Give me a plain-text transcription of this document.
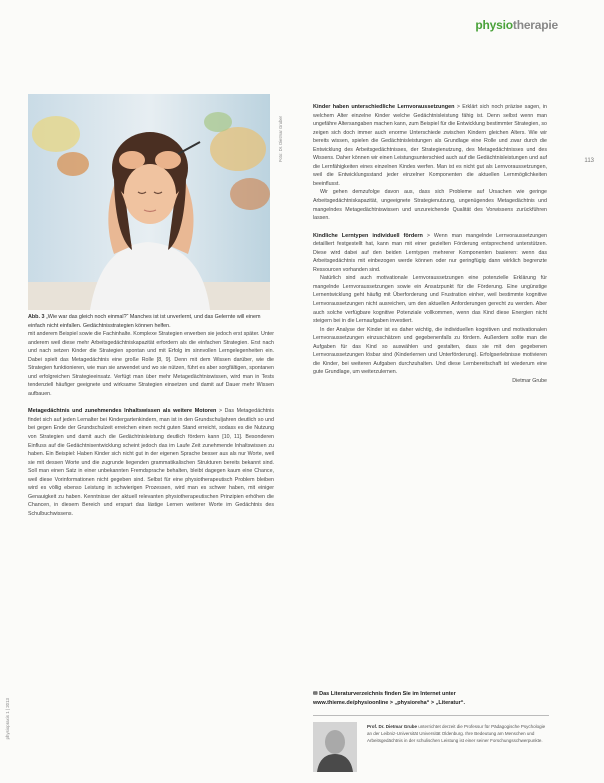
physiotherapie
113
Foto: Dr. Dietmar Gruber
Abb. 3 „Wie war das gleich noch einmal?“ Manches ist ist unverlernt, und das Gelernte will einem einfach nicht einfallen. Gedächtnisstrategien können helfen.

mit anderem Beispiel sowie die Fachinhalte. Komplexe Strategien erwerben sie jedoch erst später. Unter anderem weil diese mehr Arbeitsgedächtniskapazität erfordern als die einfachen Strategien. Erst nach und nach setzen Kinder die Strategien spontan und mit Erfolg im sinnvollen Lerngelegenheiten ein. Dabei spielt das Metagedächtnis eine große Rolle [8, 9]. Denn mit dem Wissen darüber, wie die Strategien funktionieren, wie man sie anwendet und wo sie nützen, führt es aber sorgfältigen, spontanen und erfolgreichen Strategieeinsatz. Verfügt man über mehr Metagedächtniswissen, wird man in Tests tendenziell häufiger geeignete und wirksame Strategien einsetzen und damit auf Dauer mehr Wissen aufbauen.

Metagedächtnis und zunehmendes Inhaltswissen als weitere Motoren > Das Metagedächtnis findet sich auf jeden Lernalter bei Kindergartenkindern, man ist in den Grundschuljahren deutlich so und bei gegen Ende der Grundschulzeit erreichen einen recht guten Stand erreicht, sodass es die Nutzung von Strategien und damit auch die Gedächtnisleistung deutlich fördern kann [10, 11]. Besonderen Einfluss auf die Gedächtnisentwicklung scheint jedoch das im Laufe Zeit zunehmende Inhaltswissen zu haben. Ein Beispiel: Haben Kinder sich nicht gut in der eigenen Sprache besser aus als nur Worte, weil sie mit dessen Worte und die zugrunde liegenden grammatikalischen Strukturen bereits bekannt sind. Soll man einen Satz in einer unbekannten Fremdsprache behalten, bleibt dagegen kaum eine Chance, weil diese Vorinformationen nicht gegeben sind. Selbst für eine physiotherapeutisch Problem bleiben wird es völlig ebenso Leistung in schwierigen Prozessen, wird man es schwer haben, mit einiger Genauigkeit zu haben. Kenntnisse der aktuell relevanten physiotherapeutischen Prinzipien erhöhen die Chancen, in diesem Bereich und erspart das lästige Lernen weiterer Worte im Gedächtnis des Schulbuchwissens.

physiopraxis 1 | 2013

Kinder haben unterschiedliche Lernvoraussetzungen > Erklärt sich noch präzise sagen, in welchem Alter einzelne Kinder welche Gedächtnisleistung fähig ist. Denn selbst wenn man ungefähre Altersangaben machen kann, zum Beispiel für die Entwicklung bestimmter Strategien, so zeigen sich doch immer auch enorme Unterschiede zwischen Kindern gleichen Alters. Wie wir bereits wissen, spielen die Gedächtnisleistungen als Grundlage eine Rolle und zwar durch die Entwicklung des Arbeitsgedächtnisses, der Strategienutzung, des Metagedächtnisses und des Wissens. Daher können wir einen Leistungsunterschied auch auf die Gedächtnisleistungen und auf die Lernfähigkeiten eines einzelnen Kindes werfen. Man ist es nicht gut als Lernvoraussetzungen, weil die Entwicklungsstand jeder einzelner Komponenten die aktuellen Lernmöglichkeiten beeinflusst.

Wir gehen demzufolge davon aus, dass sich Probleme auf Ursachen wie geringe Arbeitsgedächtniskapazität, ungeeignete Strategienutzung, ungenügendes Metagedächtnis und mangelndes Metagedächtniswissen und unzureichende Qualität des Vorwissens zurückführen lassen.

Kindliche Lerntypen individuell fördern > Wenn man mangelnde Lernvoraussetzungen detailliert festgestellt hat, kann man mit einer gezielten Förderung entsprechend unterstützen. Diese wird dabei auf den beiden Lerntypen mehrerer Komponenten basieren: wenn das Arbeitsgedächtnis mit einbezogen werde können oder nur geringfügig dann wirklich begrenzte Ressourcen vorhanden sind.

Natürlich sind auch motivationale Lernvoraussetzungen eine potenzielle Erklärung für mangelnde Lernvoraussetzungen sowie ein Ansatzpunkt für die Förderung. Eine ungünstige Lernentwicklung geht häufig mit Überforderung und Frustration einher, weil bestimmte kognitive Lernvoraussetzungen nicht ausreichen, um den aktuellen Anforderungen gerecht zu werden. Aber auch solche verfügbare kognitive Potenziale vollkommen, wenn das Kind diese Energien nicht steigern bei in die Lernaufgaben investiert.

In der Analyse der Kinder ist es daher wichtig, die individuellen kognitiven und motivationalen Lernvoraussetzungen einzuschätzen und gegebenenfalls zu fördern. Außerdem sollte man die Aufgaben für das Kind so auswählen und gestalten, dass sie mit den gegebenen Lernvoraussetzungen lösbar sind (Kinderlernen und Unterförderung). Erfolgserlebnisse motivieren die Kinder, bei weiteren Aufgaben durchzuhalten. Und diese Lernbereitschaft ist wiederum eine gute Grundlage, um weiterzulernen.

Dietmar Grube

✉ Das Literaturverzeichnis finden Sie im Internet unter
www.thieme.de/physioonline > „physioreha“ > „Literatur“.
Prof. Dr. Dietmar Grube unterrichtet derzeit die Professur für Pädagogische Psychologie an der Leibniz-Universität Universität Oldenburg. Ihre Bedeutung am Menschen und Arbeitsgedächtnis in der schulischen Leistung ist einer seiner Forschungsschwerpunkte.
